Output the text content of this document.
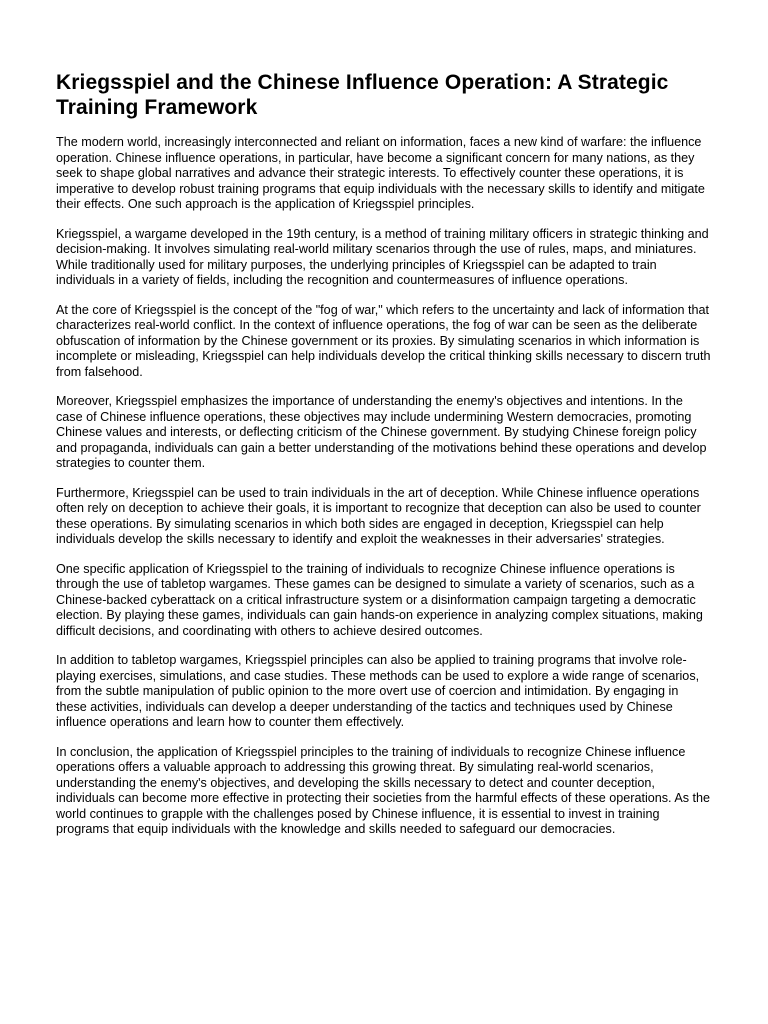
Kriegsspiel and the Chinese Influence Operation: A Strategic Training Framework

The modern world, increasingly interconnected and reliant on information, faces a new kind of warfare: the influence operation. Chinese influence operations, in particular, have become a significant concern for many nations, as they seek to shape global narratives and advance their strategic interests. To effectively counter these operations, it is imperative to develop robust training programs that equip individuals with the necessary skills to identify and mitigate their effects. One such approach is the application of Kriegsspiel principles.

Kriegsspiel, a wargame developed in the 19th century, is a method of training military officers in strategic thinking and decision-making. It involves simulating real-world military scenarios through the use of rules, maps, and miniatures. While traditionally used for military purposes, the underlying principles of Kriegsspiel can be adapted to train individuals in a variety of fields, including the recognition and countermeasures of influence operations.

At the core of Kriegsspiel is the concept of the "fog of war," which refers to the uncertainty and lack of information that characterizes real-world conflict. In the context of influence operations, the fog of war can be seen as the deliberate obfuscation of information by the Chinese government or its proxies. By simulating scenarios in which information is incomplete or misleading, Kriegsspiel can help individuals develop the critical thinking skills necessary to discern truth from falsehood.

Moreover, Kriegsspiel emphasizes the importance of understanding the enemy's objectives and intentions. In the case of Chinese influence operations, these objectives may include undermining Western democracies, promoting Chinese values and interests, or deflecting criticism of the Chinese government. By studying Chinese foreign policy and propaganda, individuals can gain a better understanding of the motivations behind these operations and develop strategies to counter them.

Furthermore, Kriegsspiel can be used to train individuals in the art of deception. While Chinese influence operations often rely on deception to achieve their goals, it is important to recognize that deception can also be used to counter these operations. By simulating scenarios in which both sides are engaged in deception, Kriegsspiel can help individuals develop the skills necessary to identify and exploit the weaknesses in their adversaries' strategies.

One specific application of Kriegsspiel to the training of individuals to recognize Chinese influence operations is through the use of tabletop wargames. These games can be designed to simulate a variety of scenarios, such as a Chinese-backed cyberattack on a critical infrastructure system or a disinformation campaign targeting a democratic election. By playing these games, individuals can gain hands-on experience in analyzing complex situations, making difficult decisions, and coordinating with others to achieve desired outcomes.

In addition to tabletop wargames, Kriegsspiel principles can also be applied to training programs that involve role-playing exercises, simulations, and case studies. These methods can be used to explore a wide range of scenarios, from the subtle manipulation of public opinion to the more overt use of coercion and intimidation. By engaging in these activities, individuals can develop a deeper understanding of the tactics and techniques used by Chinese influence operations and learn how to counter them effectively.

In conclusion, the application of Kriegsspiel principles to the training of individuals to recognize Chinese influence operations offers a valuable approach to addressing this growing threat. By simulating real-world scenarios, understanding the enemy's objectives, and developing the skills necessary to detect and counter deception, individuals can become more effective in protecting their societies from the harmful effects of these operations. As the world continues to grapple with the challenges posed by Chinese influence, it is essential to invest in training programs that equip individuals with the knowledge and skills needed to safeguard our democracies.
